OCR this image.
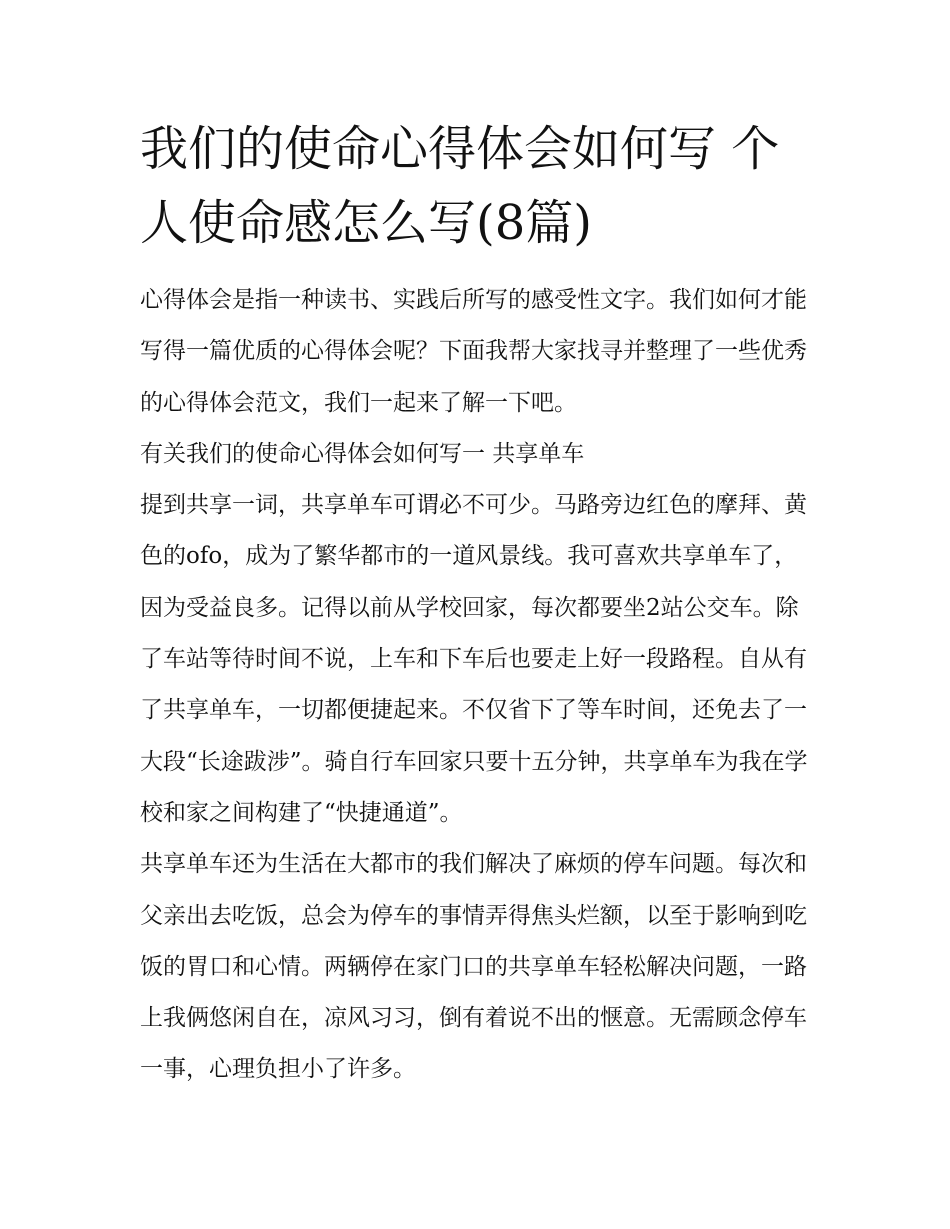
我们的使命心得体会如何写 个人使命感怎么写(8篇)

心得体会是指一种读书、实践后所写的感受性文字。我们如何才能写得一篇优质的心得体会呢？下面我帮大家找寻并整理了一些优秀的心得体会范文，我们一起来了解一下吧。

有关我们的使命心得体会如何写一 共享单车

提到共享一词，共享单车可谓必不可少。马路旁边红色的摩拜、黄色的ofo，成为了繁华都市的一道风景线。我可喜欢共享单车了，因为受益良多。记得以前从学校回家，每次都要坐2站公交车。除了车站等待时间不说，上车和下车后也要走上好一段路程。自从有了共享单车，一切都便捷起来。不仅省下了等车时间，还免去了一大段“长途跋涉”。骑自行车回家只要十五分钟，共享单车为我在学校和家之间构建了“快捷通道”。

共享单车还为生活在大都市的我们解决了麻烦的停车问题。每次和父亲出去吃饭，总会为停车的事情弄得焦头烂额，以至于影响到吃饭的胃口和心情。两辆停在家门口的共享单车轻松解决问题，一路上我俩悠闲自在，凉风习习，倒有着说不出的惬意。无需顾念停车一事，心理负担小了许多。
